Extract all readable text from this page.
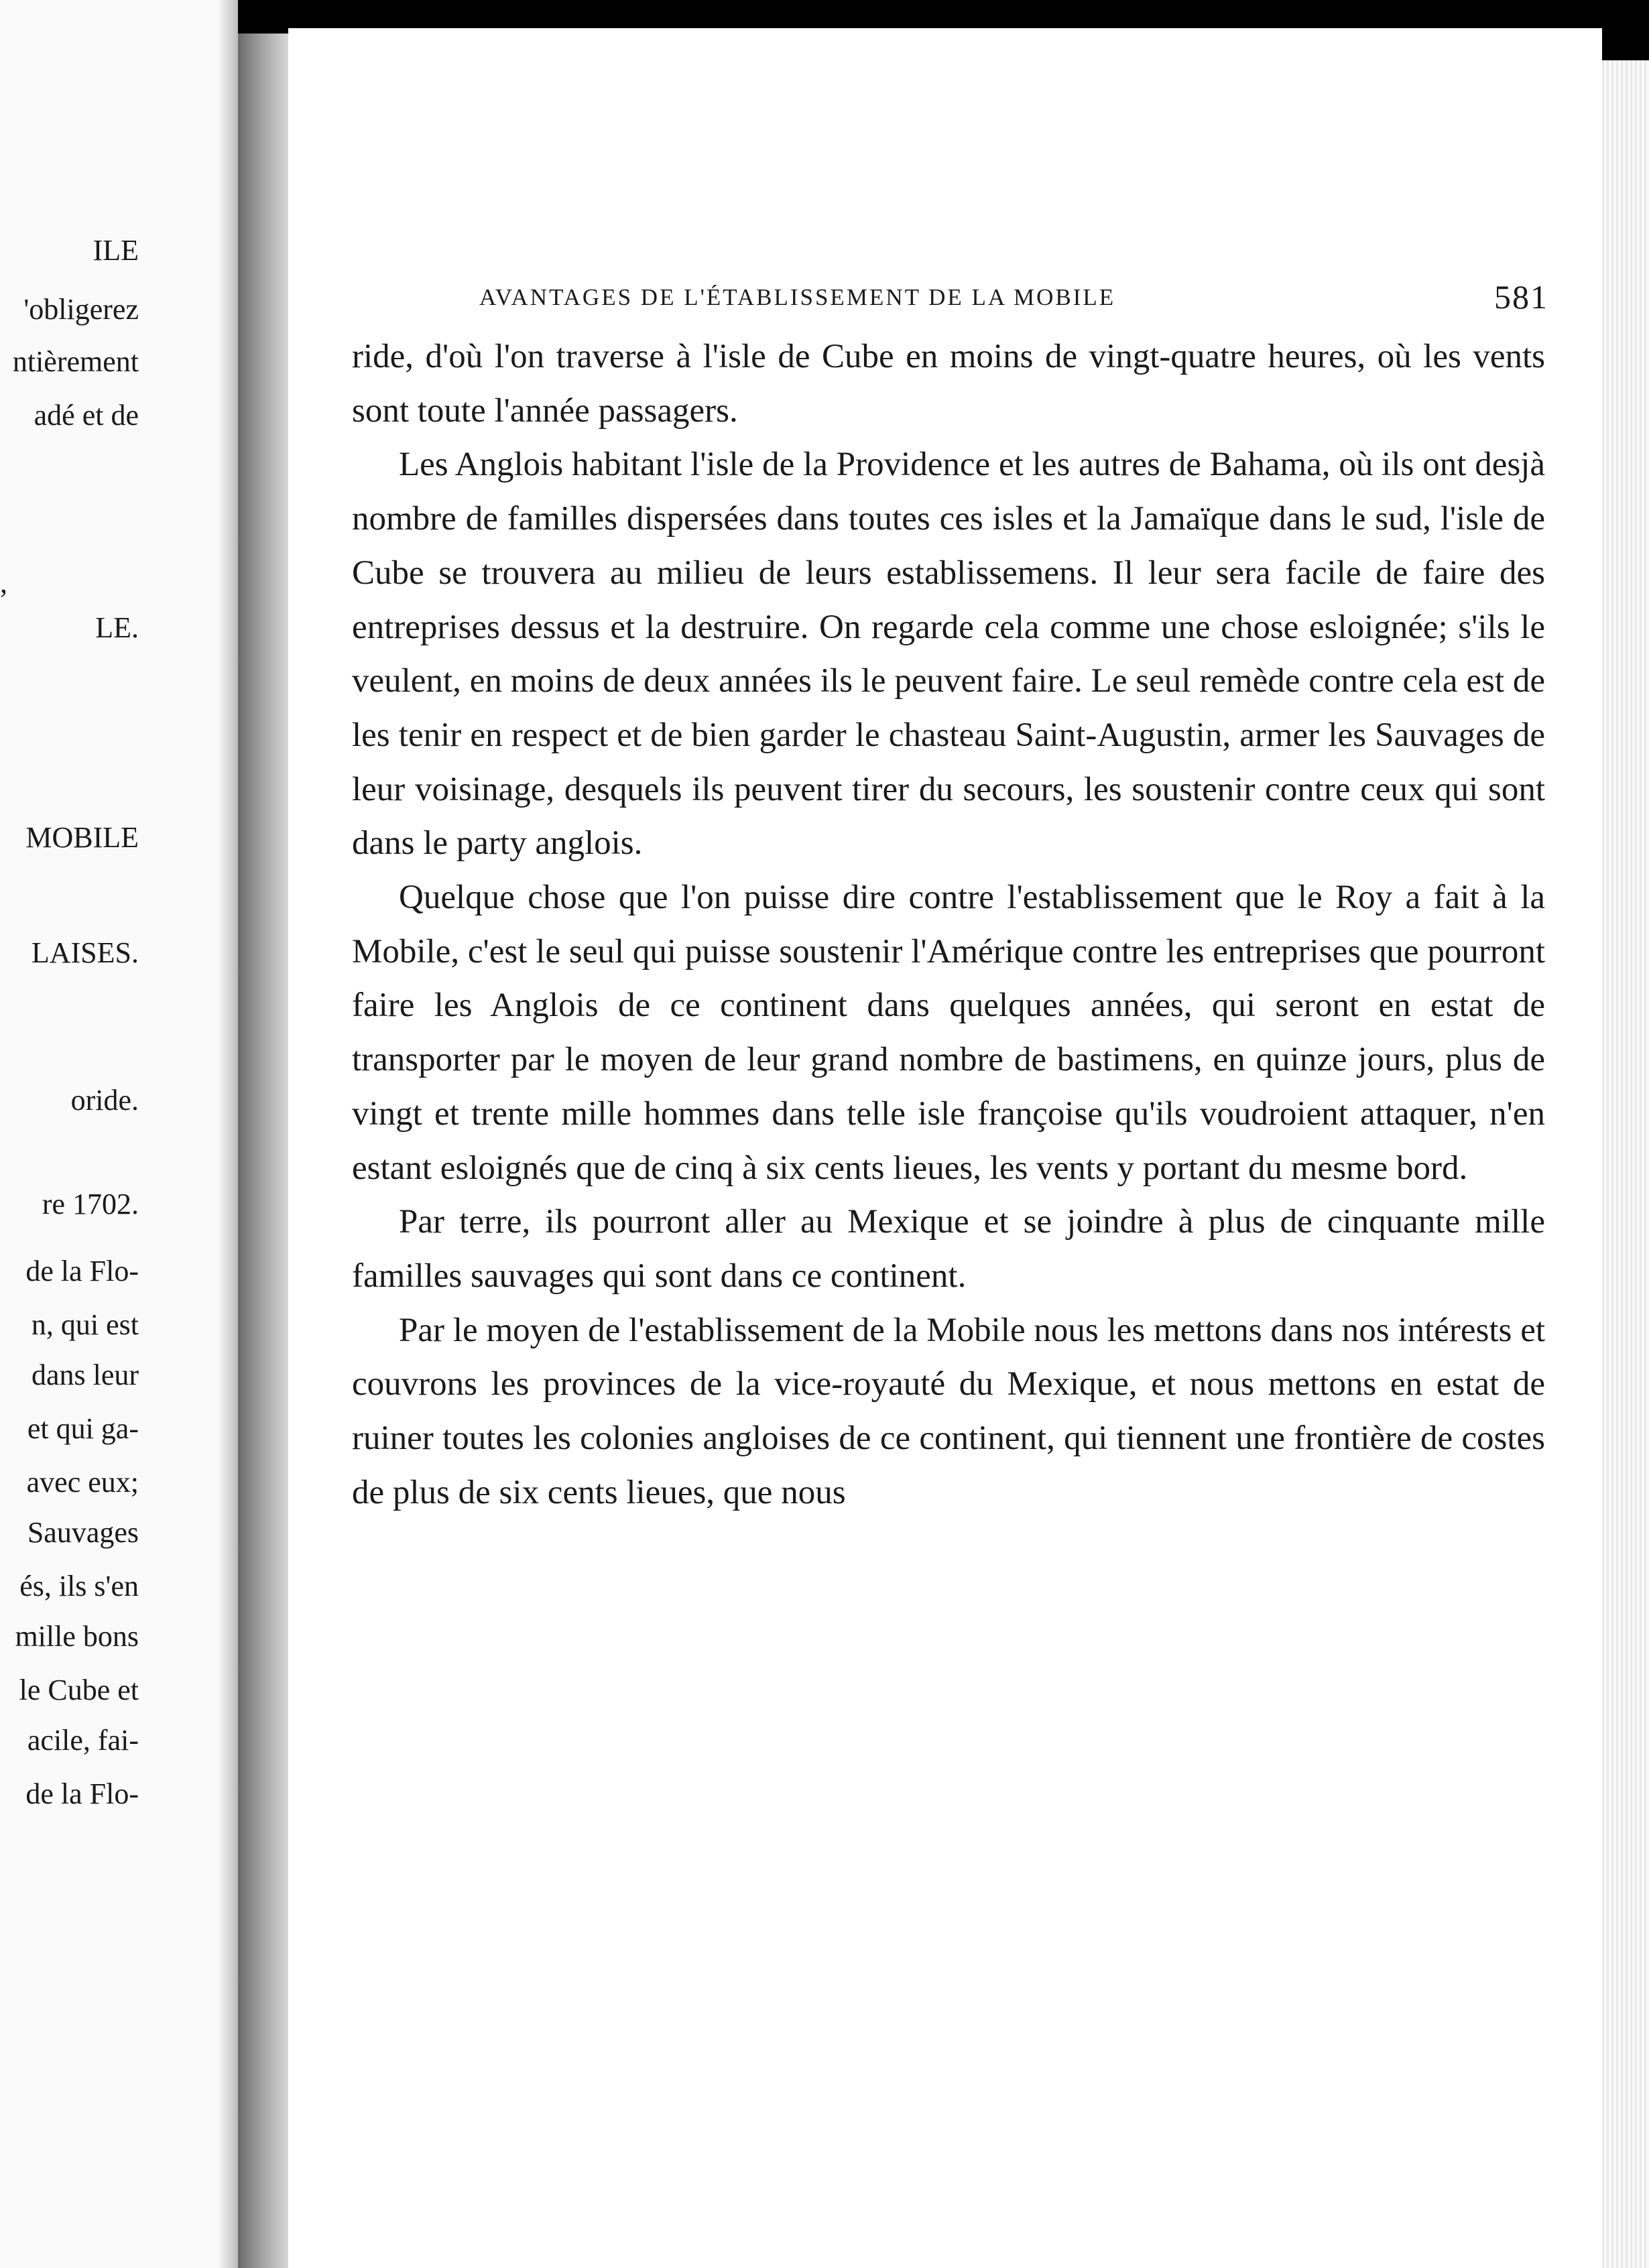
ILE
'obligerez
ntièrement
adé et de
,
LE.
MOBILE
LAISES.
oride.
re 1702.
de la Flo-
n, qui est
dans leur
et qui ga-
avec eux;
Sauvages
és, ils s'en
mille bons
le Cube et
acile, fai-
de la Flo-
AVANTAGES DE L'ÉTABLISSEMENT DE LA MOBILE	581

ride, d'où l'on traverse à l'isle de Cube en moins de vingt-quatre heures, où les vents sont toute l'année passagers.

Les Anglois habitant l'isle de la Providence et les autres de Bahama, où ils ont desjà nombre de familles dispersées dans toutes ces isles et la Jamaïque dans le sud, l'isle de Cube se trouvera au milieu de leurs establissemens. Il leur sera facile de faire des entreprises dessus et la destruire. On regarde cela comme une chose esloignée; s'ils le veulent, en moins de deux années ils le peuvent faire. Le seul remède contre cela est de les tenir en respect et de bien garder le chasteau Saint-Augustin, armer les Sauvages de leur voisinage, desquels ils peuvent tirer du secours, les soustenir contre ceux qui sont dans le party anglois.

Quelque chose que l'on puisse dire contre l'establissement que le Roy a fait à la Mobile, c'est le seul qui puisse soustenir l'Amérique contre les entreprises que pourront faire les Anglois de ce continent dans quelques années, qui seront en estat de transporter par le moyen de leur grand nombre de bastimens, en quinze jours, plus de vingt et trente mille hommes dans telle isle françoise qu'ils voudroient attaquer, n'en estant esloignés que de cinq à six cents lieues, les vents y portant du mesme bord.

Par terre, ils pourront aller au Mexique et se joindre à plus de cinquante mille familles sauvages qui sont dans ce continent.

Par le moyen de l'establissement de la Mobile nous les mettons dans nos intérests et couvrons les provinces de la vice-royauté du Mexique, et nous mettons en estat de ruiner toutes les colonies angloises de ce continent, qui tiennent une frontière de costes de plus de six cents lieues, que nous
